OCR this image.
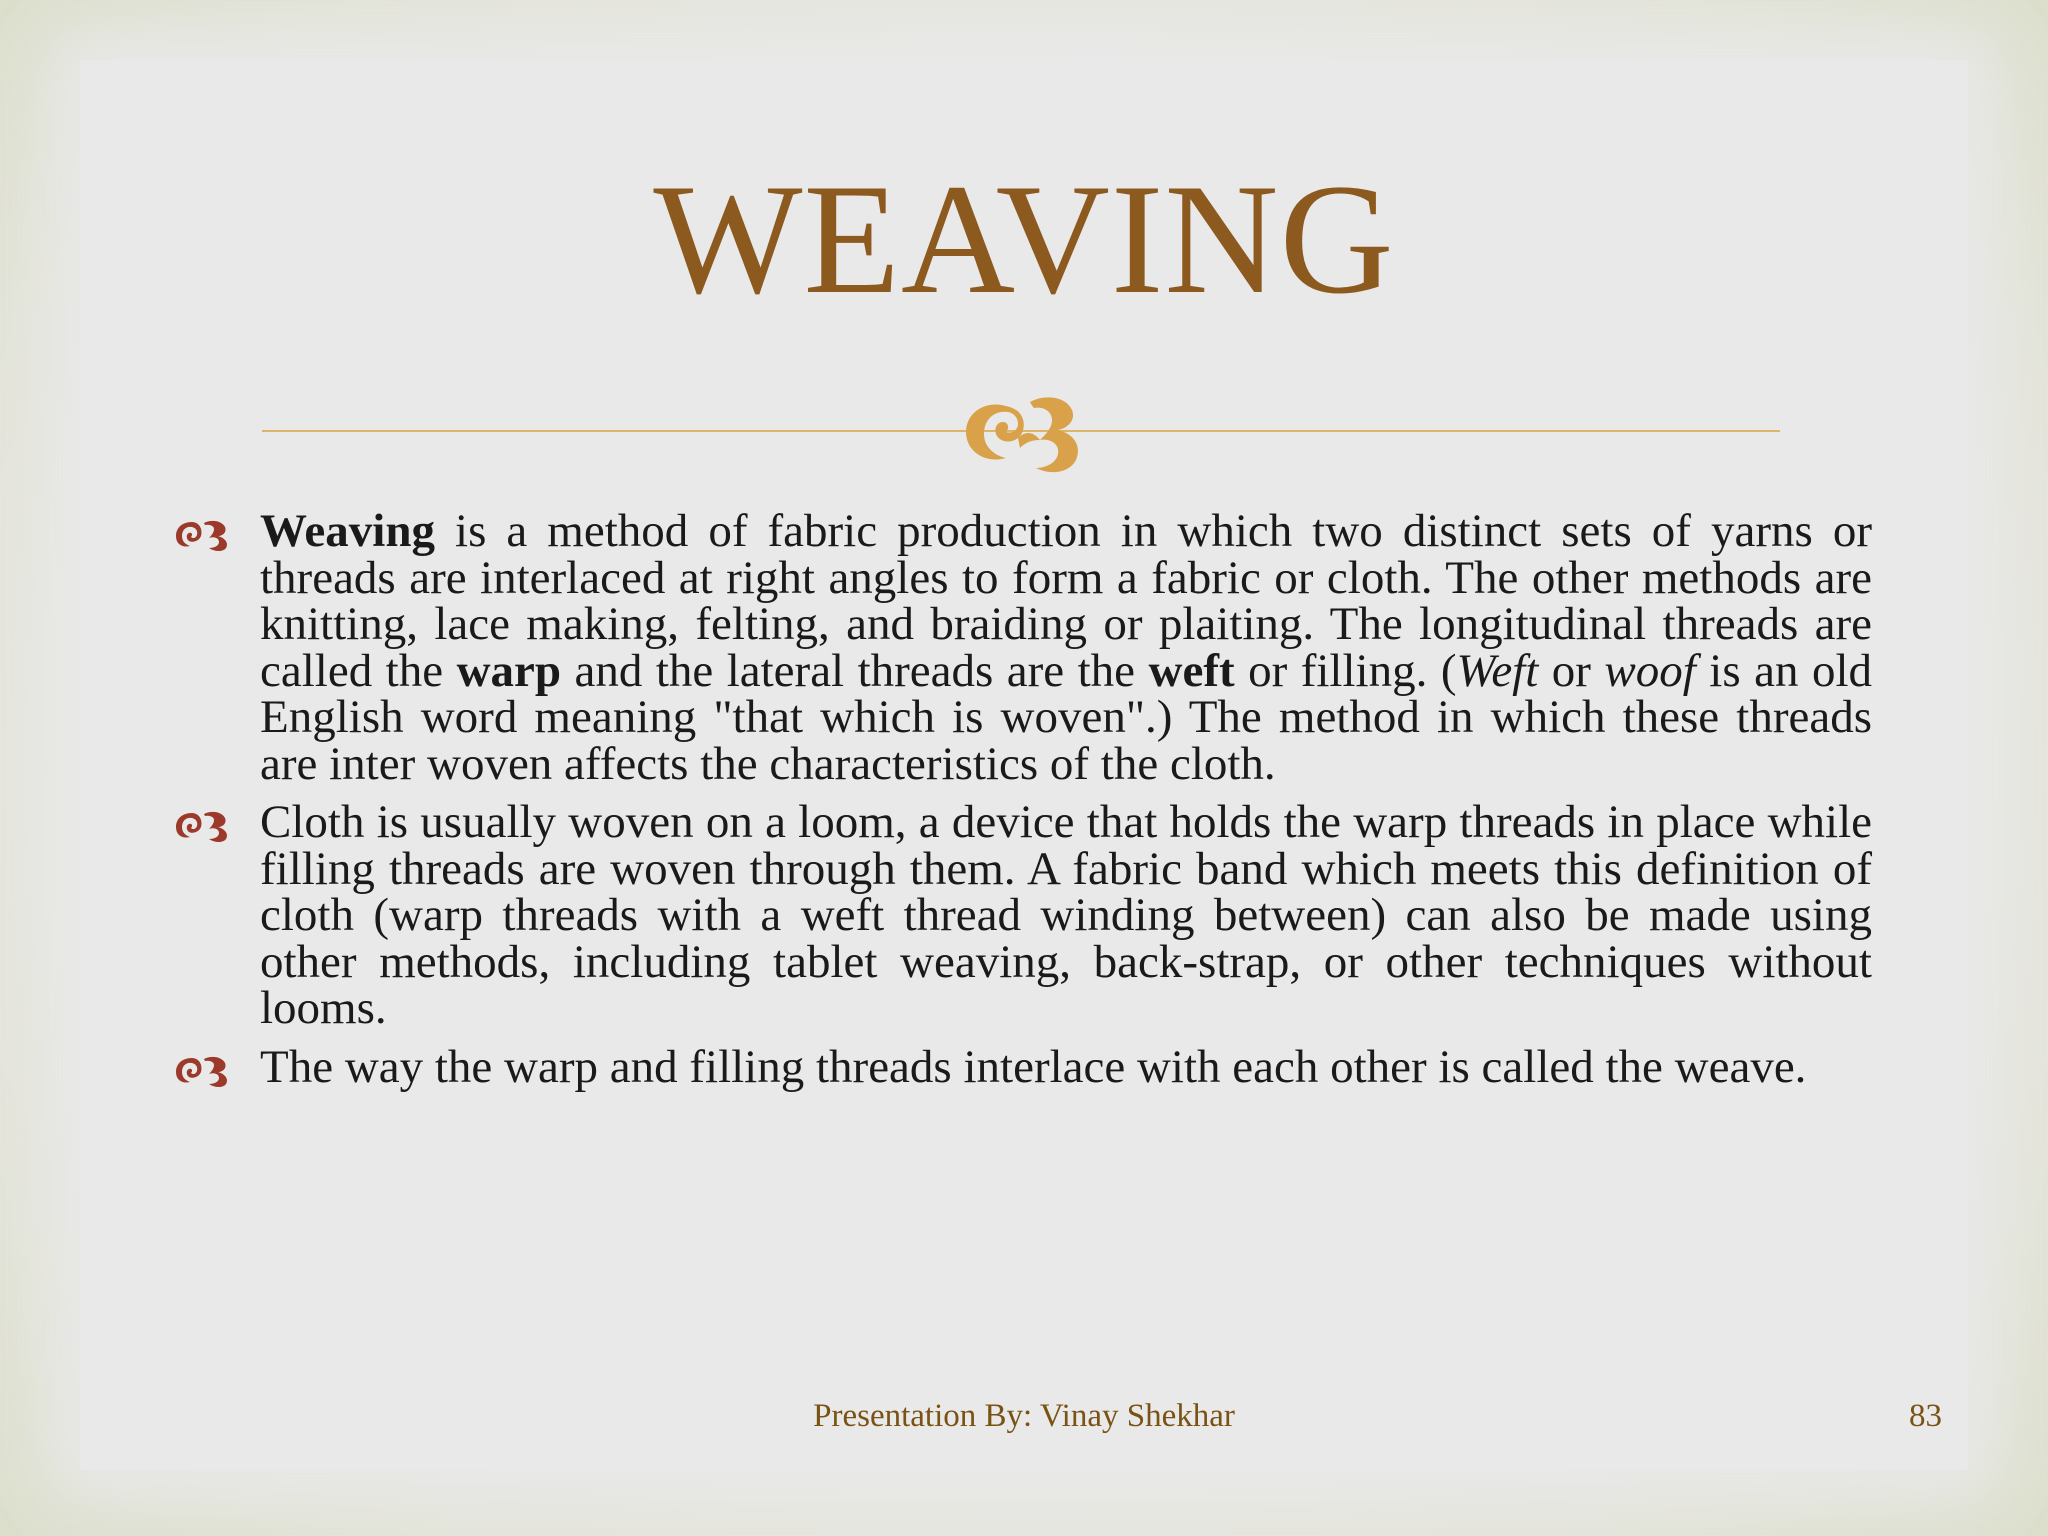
WEAVING
Weaving is a method of fabric production in which two distinct sets of yarns or threads are interlaced at right angles to form a fabric or cloth. The other methods are knitting, lace making, felting, and braiding or plaiting. The longitudinal threads are called the warp and the lateral threads are the weft or filling. (Weft or woof is an old English word meaning "that which is woven".) The method in which these threads are inter woven affects the characteristics of the cloth.
Cloth is usually woven on a loom, a device that holds the warp threads in place while filling threads are woven through them. A fabric band which meets this definition of cloth (warp threads with a weft thread winding between) can also be made using other methods, including tablet weaving, back-strap, or other techniques without looms.
The way the warp and filling threads interlace with each other is called the weave.
Presentation By: Vinay Shekhar	83
